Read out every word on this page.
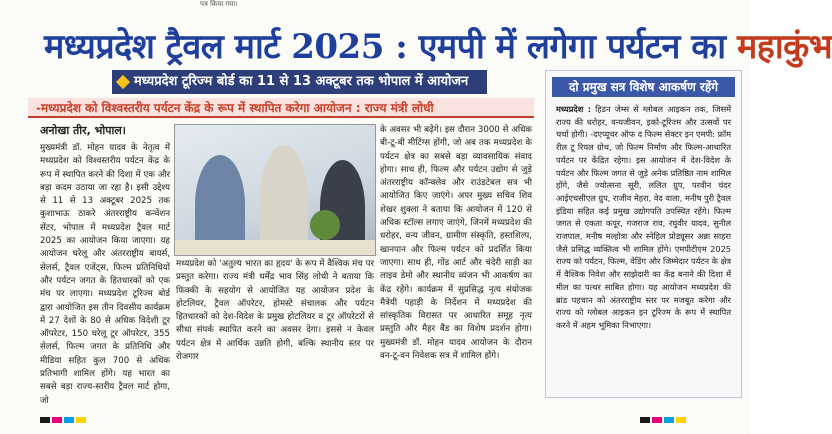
पत्र किया गया।
मध्यप्रदेश ट्रैवल मार्ट 2025 : एमपी में लगेगा पर्यटन का महाकुंभ
मध्यप्रदेश टूरिज्म बोर्ड का 11 से 13 अक्टूबर तक भोपाल में आयोजन
-मध्यप्रदेश को विश्वस्तरीय पर्यटन केंद्र के रूप में स्थापित करेगा आयोजन : राज्य मंत्री लोधी
अनोखा तीर, भोपाल।
मुख्यमंत्री डॉ. मोहन यादव के नेतृत्व में मध्यप्रदेश को विश्वस्तरीय पर्यटन केंद्र के रूप में स्थापित करने की दिशा में एक और बड़ा कदम उठाया जा रहा है। इसी उद्देश्य से 11 से 13 अक्टूबर 2025 तक कुशाभाऊ ठाकरे अंतरराष्ट्रीय कन्वेंशन सेंटर, भोपाल में मध्यप्रदेश ट्रैवल मार्ट 2025 का आयोजन किया जाएगा। यह आयोजन घरेलू और अंतरराष्ट्रीय बायर्स, सेलर्स, ट्रैवल एजेंट्स, फिल्म प्रतिनिधियों और पर्यटन जगत के हितधारकों को एक मंच पर लाएगा। मध्यप्रदेश टूरिज्म बोर्ड द्वारा आयोजित इस तीन दिवसीय कार्यक्रम में 27 देशों के 80 से अधिक विदेशी टूर ऑपरेटर, 150 घरेलू टूर ऑपरेटर, 355 सेलर्स, फिल्म जगत के प्रतिनिधि और मीडिया सहित कुल 700 से अधिक प्रतिभागी शामिल होंगे। यह भारत का सबसे बड़ा राज्य-स्तरीय ट्रैवल मार्ट होगा, जो
मध्यप्रदेश को 'अतुल्य भारत का हृदय' के रूप में वैश्विक मंच पर प्रस्तुत करेगा। राज्य मंत्री धर्मेंद्र भाव सिंह लोधी ने बताया कि फिक्की के सहयोग से आयोजित यह आयोजन प्रदेश के होटलियर, ट्रैवल ऑपरेटर, होमस्टे संचालक और पर्यटन हितधारकों को देश-विदेश के प्रमुख होटलियर व टूर ऑपरेटरों से सीधा संपर्क स्थापित करने का अवसर देगा। इससे न केवल पर्यटन क्षेत्र में आर्थिक उन्नति होगी, बल्कि स्थानीय स्तर पर रोजगार
के अवसर भी बढ़ेंगे। इस दौरान 3000 से अधिक बी-टू-बी मीटिंग्स होंगी, जो अब तक मध्यप्रदेश के पर्यटन क्षेत्र का सबसे बड़ा व्यावसायिक संवाद होगा। साथ ही, फिल्म और पर्यटन उद्योग से जुड़े अंतरराष्ट्रीय कॉन्क्लेव और राउंडटेबल सत्र भी आयोजित किए जाएंगे। अपर मुख्य सचिव शिव शेखर शुक्ला ने बताया कि आयोजन में 120 से अधिक स्टॉल्स लगाए जाएंगे, जिनमें मध्यप्रदेश की धरोहर, वन्य जीवन, ग्रामीण संस्कृति, हस्तशिल्प, खानपान और फिल्म पर्यटन को प्रदर्शित किया जाएगा। साथ ही, गोंड आर्ट और चंदेरी साड़ी का लाइव डेमो और स्थानीय व्यंजन भी आकर्षण का केंद्र रहेंगे। कार्यक्रम में सुप्रसिद्ध नृत्य संयोजक मैत्रेयी पहाड़ी के निर्देशन में मध्यप्रदेश की सांस्कृतिक विरासत पर आधारित समूह नृत्य प्रस्तुति और मैहर बैंड का विशेष प्रदर्शन होगा। मुख्यमंत्री डॉ. मोहन यादव आयोजन के दौरान वन-टू-वन निवेशक सत्र में शामिल होंगे।
दो प्रमुख सत्र विशेष आकर्षण रहेंगे
मध्यप्रदेश : हिडन जेम्स से ग्लोबल आइकन तक, जिसमें राज्य की धरोहर, वन्यजीवन, इको-टूरिज्म और उत्सवों पर चर्चा होगी। -दएप्यूचर ऑफ द फिल्म सेक्टर इन एमपी: फ्रॉम रील टू रियल ग्रोथ, जो फिल्म निर्माण और फिल्म-आधारित पर्यटन पर केंद्रित रहेगा। इस आयोजन में देश-विदेश के पर्यटन और फिल्म जगत से जुड़े अनेक प्रतिष्ठित नाम शामिल होंगे, जैसे ज्योत्सना सूरी, ललित ग्रुप, परवीन चंदर आईएचसीएल ग्रुप, राजीव मेहरा, वेद वाला, मनीष पुरी ट्रैवल इंडिया सहित कई प्रमुख उद्योगपति उपस्थित रहेंगे। फिल्म जगत से एकता कपूर, गजराज राव, रघुवीर यादव, सुनील राजपाल, मनीष मल्होत्रा और स्नेहिल प्रोड्यूसर अन्ना साहरा जैसे प्रसिद्ध व्यक्तित्व भी शामिल होंगे। एमपीटीएम 2025 राज्य को पर्यटन, फिल्म, वेडिंग और जिम्मेदार पर्यटन के क्षेत्र में वैश्विक निवेश और साझेदारी का केंद्र बनाने की दिशा में मील का पत्थर साबित होगा। यह आयोजन मध्यप्रदेश की ब्रांड पहचान को अंतरराष्ट्रीय स्तर पर मजबूत करेगा और राज्य को ग्लोबल आइकन इन टूरिज्म के रूप में स्थापित करने में अहम भूमिका निभाएगा।
